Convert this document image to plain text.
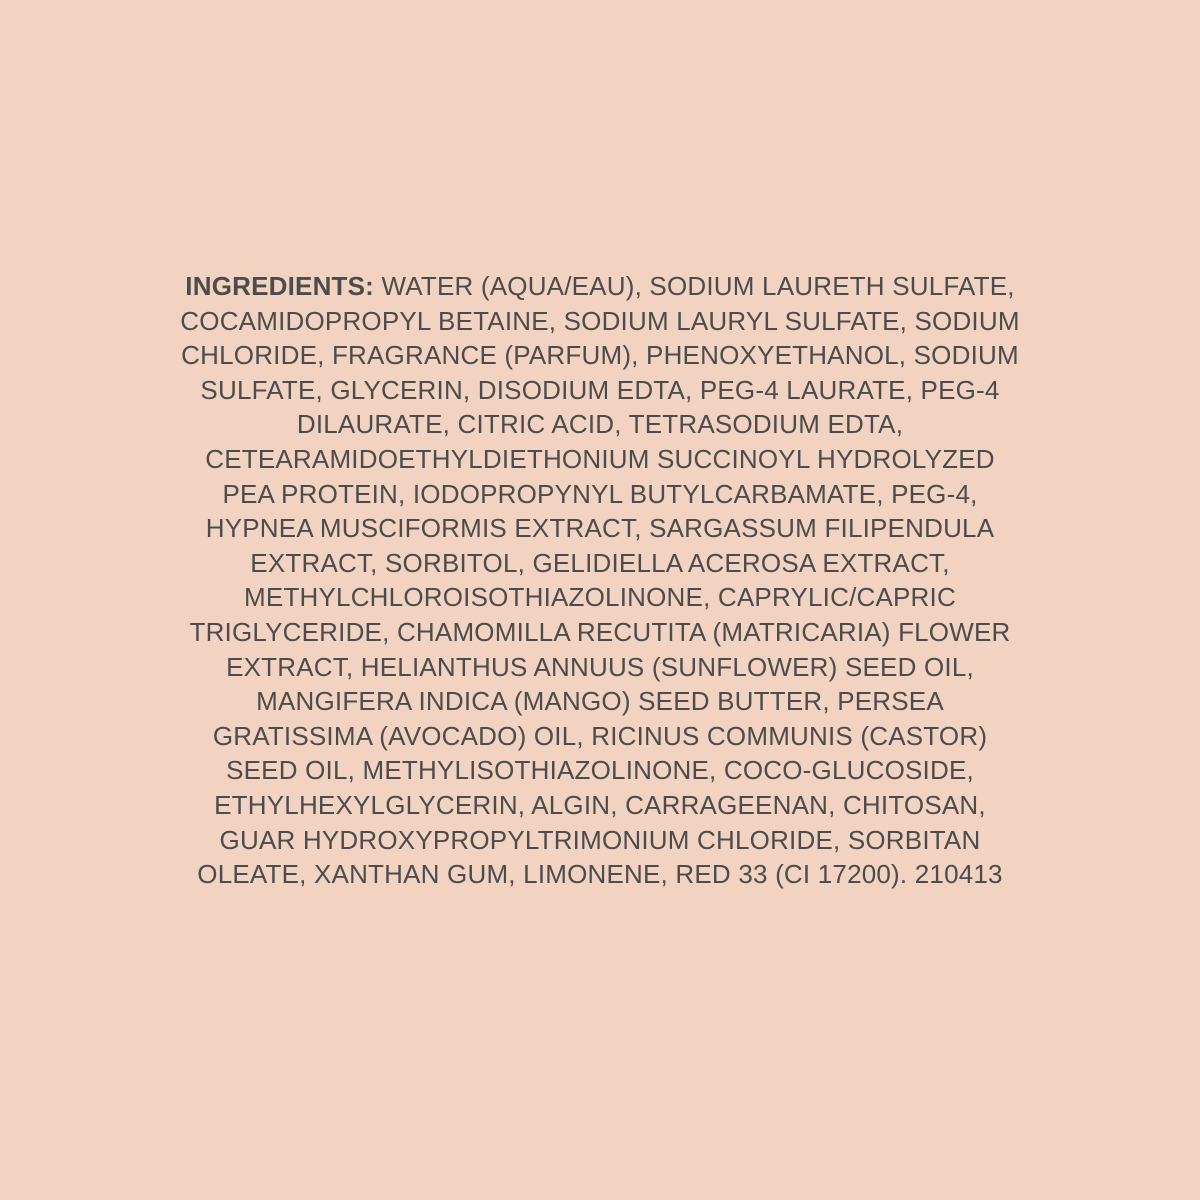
INGREDIENTS: WATER (AQUA/EAU), SODIUM LAURETH SULFATE,
COCAMIDOPROPYL BETAINE, SODIUM LAURYL SULFATE, SODIUM
CHLORIDE, FRAGRANCE (PARFUM), PHENOXYETHANOL, SODIUM
SULFATE, GLYCERIN, DISODIUM EDTA, PEG-4 LAURATE, PEG-4
DILAURATE, CITRIC ACID, TETRASODIUM EDTA,
CETEARAMIDOETHYLDIETHONIUM SUCCINOYL HYDROLYZED
PEA PROTEIN, IODOPROPYNYL BUTYLCARBAMATE, PEG-4,
HYPNEA MUSCIFORMIS EXTRACT, SARGASSUM FILIPENDULA
EXTRACT, SORBITOL, GELIDIELLA ACEROSA EXTRACT,
METHYLCHLOROISOTHIAZOLINONE, CAPRYLIC/CAPRIC
TRIGLYCERIDE, CHAMOMILLA RECUTITA (MATRICARIA) FLOWER
EXTRACT, HELIANTHUS ANNUUS (SUNFLOWER) SEED OIL,
MANGIFERA INDICA (MANGO) SEED BUTTER, PERSEA
GRATISSIMA (AVOCADO) OIL, RICINUS COMMUNIS (CASTOR)
SEED OIL, METHYLISOTHIAZOLINONE, COCO-GLUCOSIDE,
ETHYLHEXYLGLYCERIN, ALGIN, CARRAGEENAN, CHITOSAN,
GUAR HYDROXYPROPYLTRIMONIUM CHLORIDE, SORBITAN
OLEATE, XANTHAN GUM, LIMONENE, RED 33 (CI 17200). 210413
